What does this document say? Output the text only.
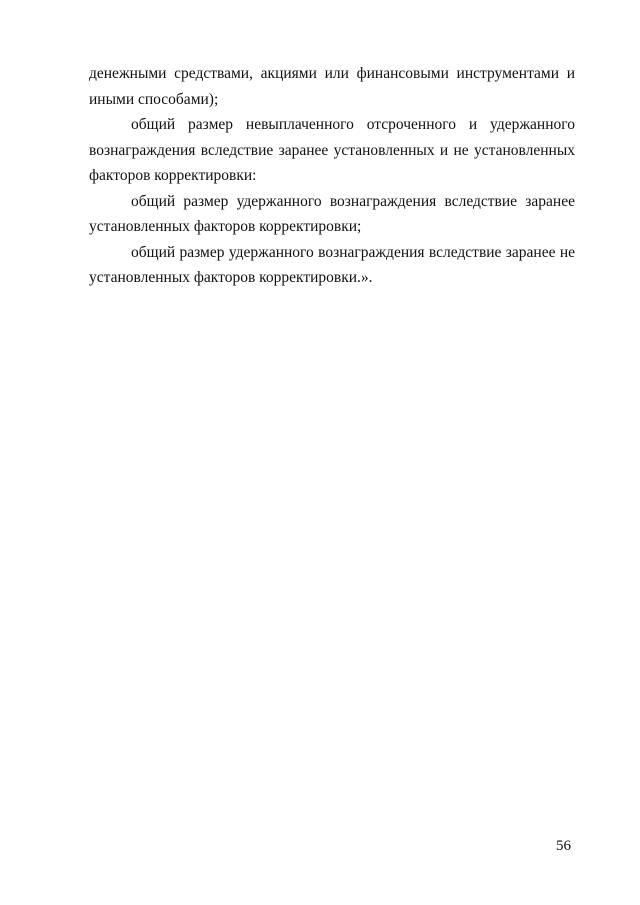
денежными средствами, акциями или финансовыми инструментами и иными способами);

общий размер невыплаченного отсроченного и удержанного вознаграждения вследствие заранее установленных и не установленных факторов корректировки:

общий размер удержанного вознаграждения вследствие заранее установленных факторов корректировки;

общий размер удержанного вознаграждения вследствие заранее не установленных факторов корректировки.».

56
